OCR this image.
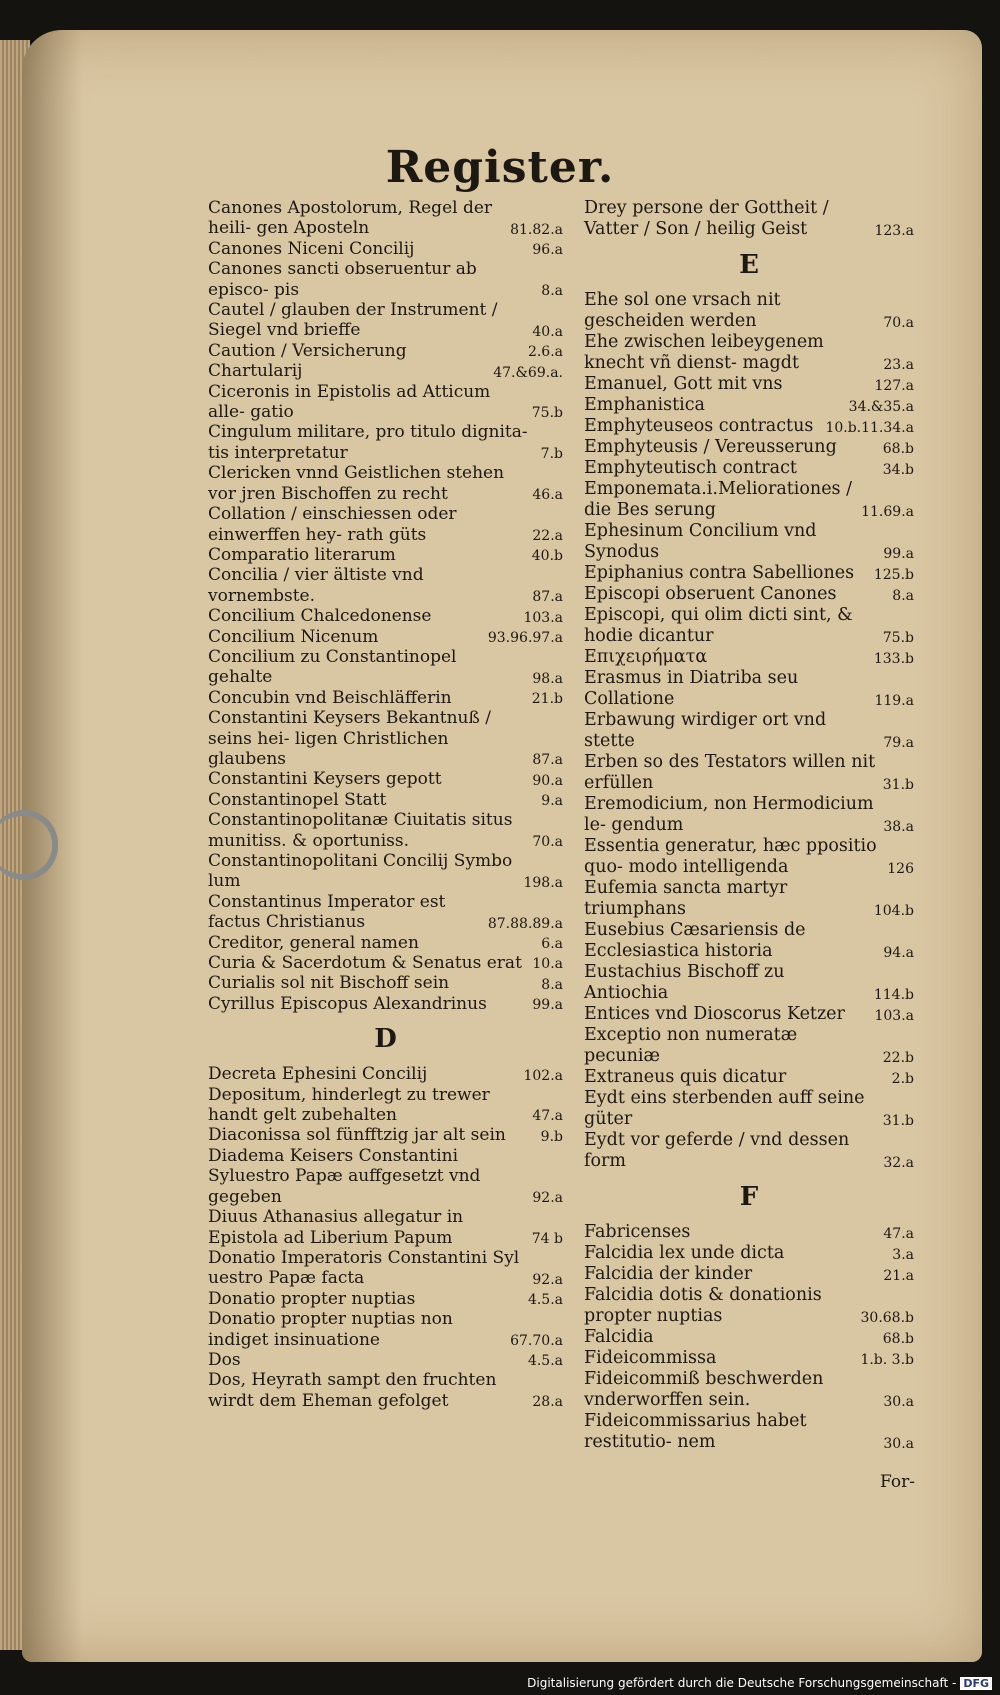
Register.
Canones Apostolorum, Regel der heili- gen Aposteln	81.82.a
Canones Niceni Concilij	96.a
Canones sancti obseruentur ab episco- pis	8.a
Cautel / glauben der Instrument / Siegel vnd brieffe	40.a
Caution / Versicherung	2.6.a
Chartularij	47.&69.a.
Ciceronis in Epistolis ad Atticum alle- gatio	75.b
Cingulum militare, pro titulo dignita- tis interpretatur	7.b
Clericken vnnd Geistlichen stehen vor jren Bischoffen zu recht	46.a
Collation / einschiessen oder einwerffen hey- rath güts	22.a
Comparatio literarum	40.b
Concilia / vier ältiste vnd vornembste.	87.a
Concilium Chalcedonense	103.a
Concilium Nicenum	93.96.97.a
Concilium zu Constantinopel gehalte	98.a
Concubin vnd Beischläfferin	21.b
Constantini Keysers Bekantnuß / seins hei- ligen Christlichen glaubens	87.a
Constantini Keysers gepott	90.a
Constantinopel Statt	9.a
Constantinopolitanæ Ciuitatis situs munitiss. & oportuniss.	70.a
Constantinopolitani Concilij Symbo lum	198.a
Constantinus Imperator est factus Christianus	87.88.89.a
Creditor, general namen	6.a
Curia & Sacerdotum & Senatus erat 10.a
Curialis sol nit Bischoff sein	8.a
Cyrillus Episcopus Alexandrinus	99.a
D
Decreta Ephesini Concilij	102.a
Depositum, hinderlegt zu trewer handt gelt zubehalten	47.a
Diaconissa sol fünfftzig jar alt sein	9.b
Diadema Keisers Constantini Syluestro Papæ auffgesetzt vnd gegeben	92.a
Diuus Athanasius allegatur in Epistola ad Liberium Papum	74 b
Donatio Imperatoris Constantini Syl uestro Papæ facta	92.a
Donatio propter nuptias	4.5.a
Donatio propter nuptias non indiget insinuatione	67.70.a
Dos	4.5.a
Dos, Heyrath sampt den fruchten wirdt dem Eheman gefolget	28.a
Drey persone der Gottheit / Vatter / Son / heilig Geist	123.a
E
Ehe sol one vrsach nit gescheiden werden	70.a
Ehe zwischen leibeygenem knecht vñ dienst- magdt	23.a
Emanuel, Gott mit vns	127.a
Emphanistica	34.&35.a
Emphyteuseos contractus 10.b.11.34.a
Emphyteusis / Vereusserung	68.b
Emphyteutisch contract	34.b
Emponemata.i.Meliorationes / die Bes serung	11.69.a
Ephesinum Concilium vnd Synodus	99.a
Epiphanius contra Sabelliones	125.b
Episcopi obseruent Canones	8.a
Episcopi, qui olim dicti sint, & hodie dicantur	75.b
Επιχειρήματα	133.b
Erasmus in Diatriba seu Collatione	119.a
Erbawung wirdiger ort vnd stette	79.a
Erben so des Testators willen nit erfüllen	31.b
Eremodicium, non Hermodicium le- gendum	38.a
Essentia generatur, hæc ppositio quo- modo intelligenda	126
Eufemia sancta martyr triumphans	104.b
Eusebius Cæsariensis de Ecclesiastica historia	94.a
Eustachius Bischoff zu Antiochia	114.b
Entices vnd Dioscorus Ketzer	103.a
Exceptio non numeratæ pecuniæ	22.b
Extraneus quis dicatur	2.b
Eydt eins sterbenden auff seine güter	31.b
Eydt vor geferde / vnd dessen form	32.a
F
Fabricenses	47.a
Falcidia lex unde dicta	3.a
Falcidia der kinder	21.a
Falcidia dotis & donationis propter nuptias	30.68.b
Falcidia	68.b
Fideicommissa	1.b. 3.b
Fideicommiß beschwerden vnderworffen sein.	30.a
Fideicommissarius habet restitutio- nem	30.a
For-
Digitalisierung gefördert durch die Deutsche Forschungsgemeinschaft - DFG
